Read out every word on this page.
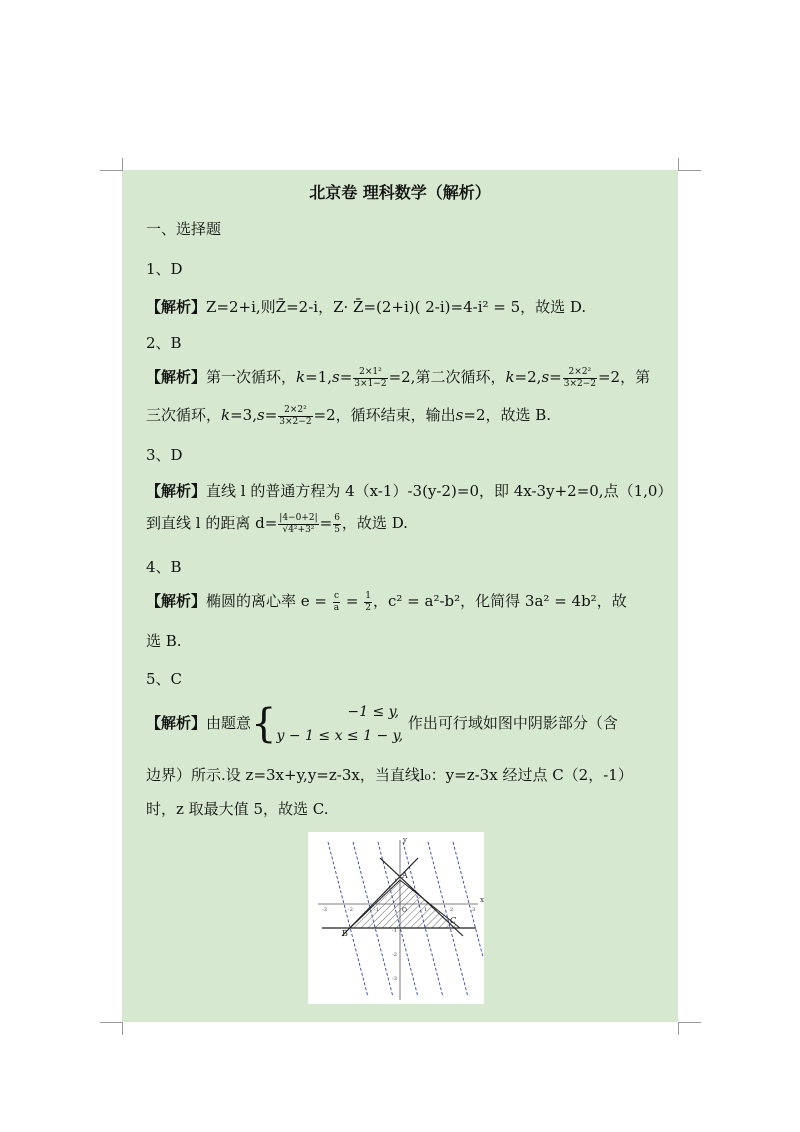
北京卷 理科数学（解析）
一、选择题
1、D
【解析】Z=2+i,则Z̄=2-i，Z· Z̄=(2+i)( 2-i)=4-i² = 5，故选 D.
2、B
【解析】第一次循环，$k=1,s= \frac{\text{2×1²}}{3\times 1-2} =2$,第二次循环，$k=2,s= \frac{\text{2×2²}}{3\times 2-2} =2$，第
三次循环，$k=3,s= \frac{\text{2×2²}}{3\times 2-2} =2$，循环结束，输出s=2，故选 B.
3、D
【解析】直线 l 的普通方程为 4（x-1）-3(y-2)=0，即 4x-3y+2=0,点（1,0）
到直线 l 的距离 $d= \frac{|4-0+2|}{\text{√4²+3²}} = \frac{6}{5}$ ，故选 D.
4、B
【解析】椭圆的离心率 $e = \frac{c}{a} = \frac{1}{2}$ ，c² = a²-b²，化简得 3a² = 4b²，故
选 B.
5、C
【解析】由题意{	−1 ≤ y,
y − 1 ≤ x ≤ 1 − y,
作出可行域如图中阴影部分（含
边界）所示.设 z=3x+y,y=z-3x，当直线l₀：y=z-3x 经过点 C（2，-1）
时，z 取最大值 5，故选 C.
x
y
A
B
C
O
-3	-2	-1	1	2	3
1
-1
-2
-3
